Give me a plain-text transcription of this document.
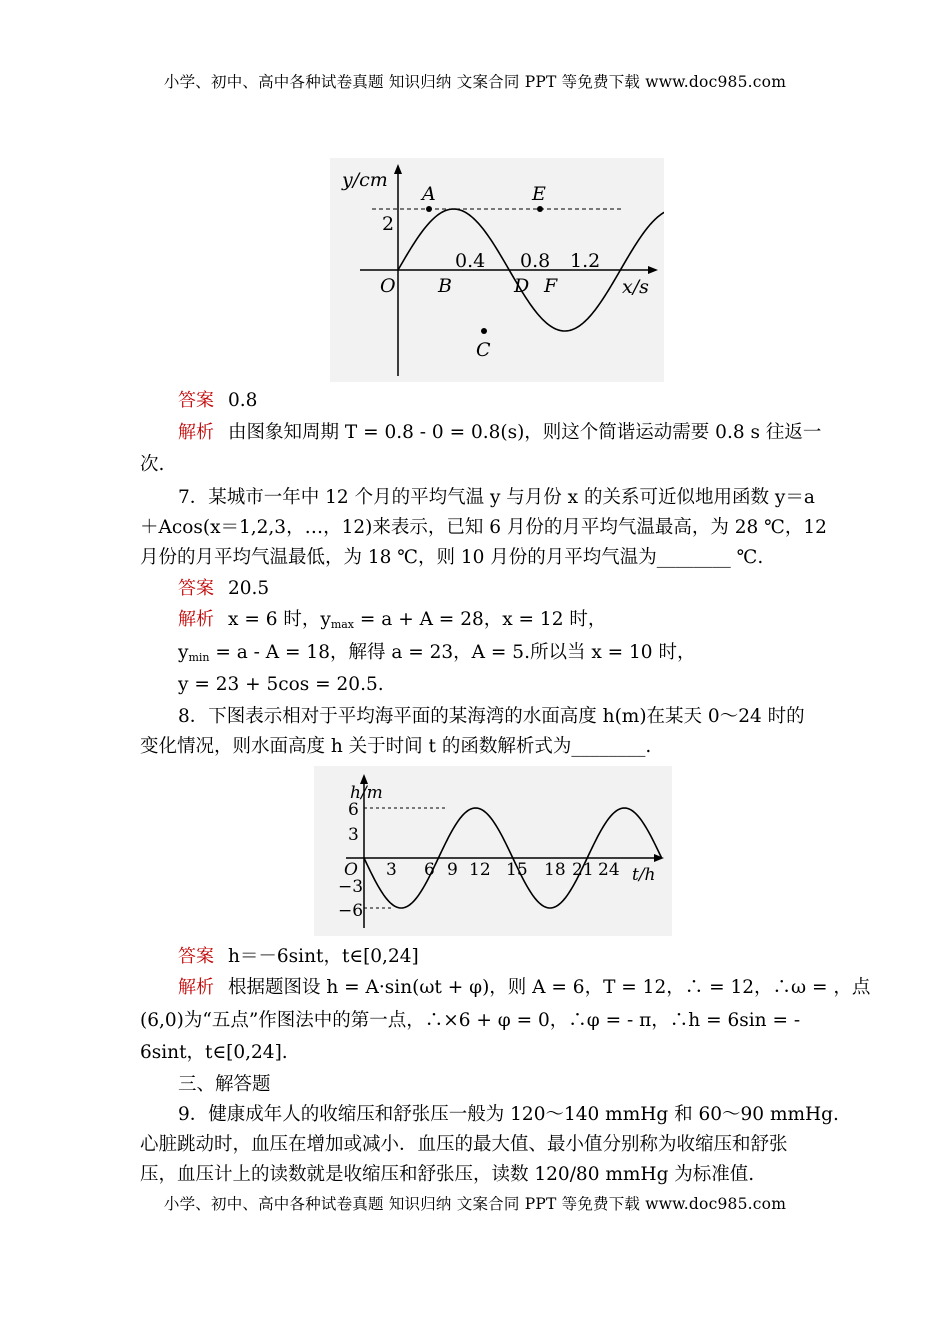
小学、初中、高中各种试卷真题 知识归纳 文案合同 PPT 等免费下载 www.doc985.com
y/cm
x/s
O
2
0.4 0.8 1.2
A
B
C
D
E
F
答案 0.8
解析 由图象知周期 T = 0.8 - 0 = 0.8(s)，则这个简谐运动需要 0.8 s 往返一
次.
7．某城市一年中 12 个月的平均气温 y 与月份 x 的关系可近似地用函数 y＝a
＋Acos(x＝1,2,3，…，12)来表示，已知 6 月份的月平均气温最高，为 28 ℃，12
月份的月平均气温最低，为 18 ℃，则 10 月份的月平均气温为________ ℃.
答案 20.5
解析 x = 6 时，$y_{max} = a + A = 28$，x = 12 时，
$y_{min} = a - A = 18$，解得 a = 23，A = 5.所以当 x = 10 时，
y = 23 + 5cos = 20.5.
8．下图表示相对于平均海平面的某海湾的水面高度 h(m)在某天 0～24 时的
变化情况，则水面高度 h 关于时间 t 的函数解析式为________.
h/m
t/h
O
6
3
−3
−6
3 6 9 12 15 18 21 24
答案 h＝－6sint，t∈[0,24]
解析 根据题图设 h = A·sin(ωt + φ)，则 A = 6，T = 12，∴ = 12，∴ω = ，点
(6,0)为“五点”作图法中的第一点，∴×6 + φ = 0，∴φ = - π，∴h = 6sin = -
6sint，t∈[0,24].
三、解答题
9．健康成年人的收缩压和舒张压一般为 120～140 mmHg 和 60～90 mmHg.
心脏跳动时，血压在增加或减小．血压的最大值、最小值分别称为收缩压和舒张
压，血压计上的读数就是收缩压和舒张压，读数 120/80 mmHg 为标准值.
小学、初中、高中各种试卷真题 知识归纳 文案合同 PPT 等免费下载 www.doc985.com
